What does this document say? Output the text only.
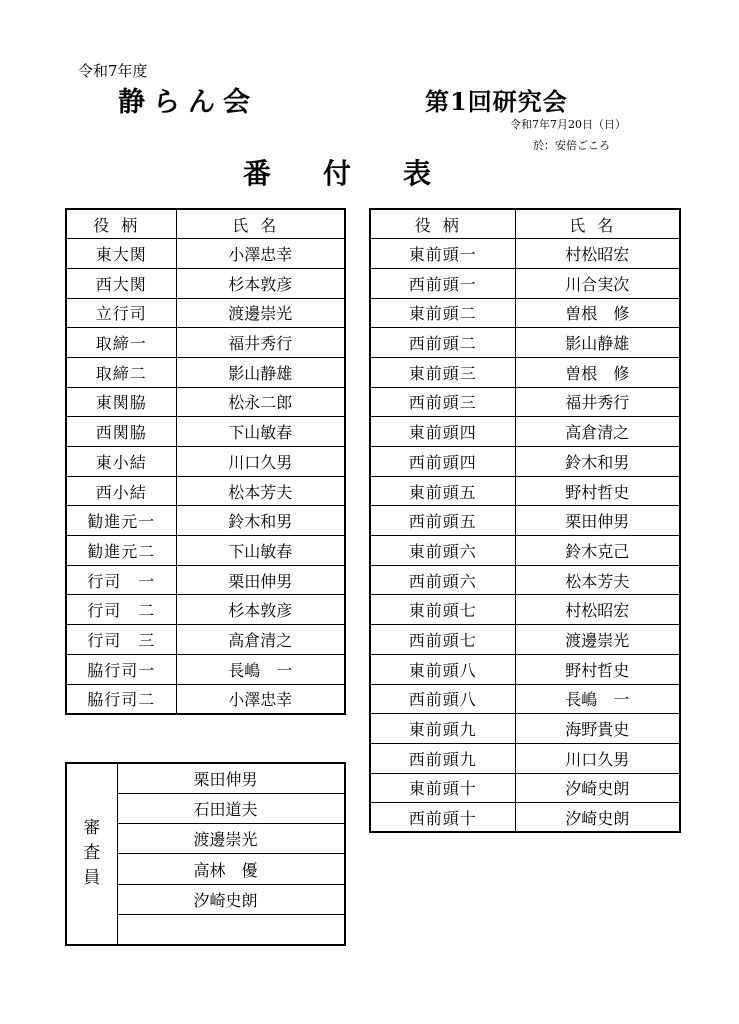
令和7年度
静らん会	第1回研究会
令和7年7月20日（日）
於：安倍ごころ
番付表
役柄	氏名
東大関	小澤忠幸
西大関	杉本敦彦
立行司	渡邊崇光
取締一	福井秀行
取締二	影山静雄
東関脇	松永二郎
西関脇	下山敏春
東小結	川口久男
西小結	松本芳夫
勧進元一	鈴木和男
勧進元二	下山敏春
行司　一	栗田伸男
行司　二	杉本敦彦
行司　三	高倉清之
脇行司一	長嶋　一
脇行司二	小澤忠幸
役柄	氏名
東前頭一	村松昭宏
西前頭一	川合実次
東前頭二	曽根　修
西前頭二	影山静雄
東前頭三	曽根　修
西前頭三	福井秀行
東前頭四	高倉清之
西前頭四	鈴木和男
東前頭五	野村哲史
西前頭五	栗田伸男
東前頭六	鈴木克己
西前頭六	松本芳夫
東前頭七	村松昭宏
西前頭七	渡邊崇光
東前頭八	野村哲史
西前頭八	長嶋　一
東前頭九	海野貴史
西前頭九	川口久男
東前頭十	汐崎史朗
西前頭十	汐崎史朗
審査員	栗田伸男
石田道夫
渡邊崇光
高林　優
汐崎史朗
